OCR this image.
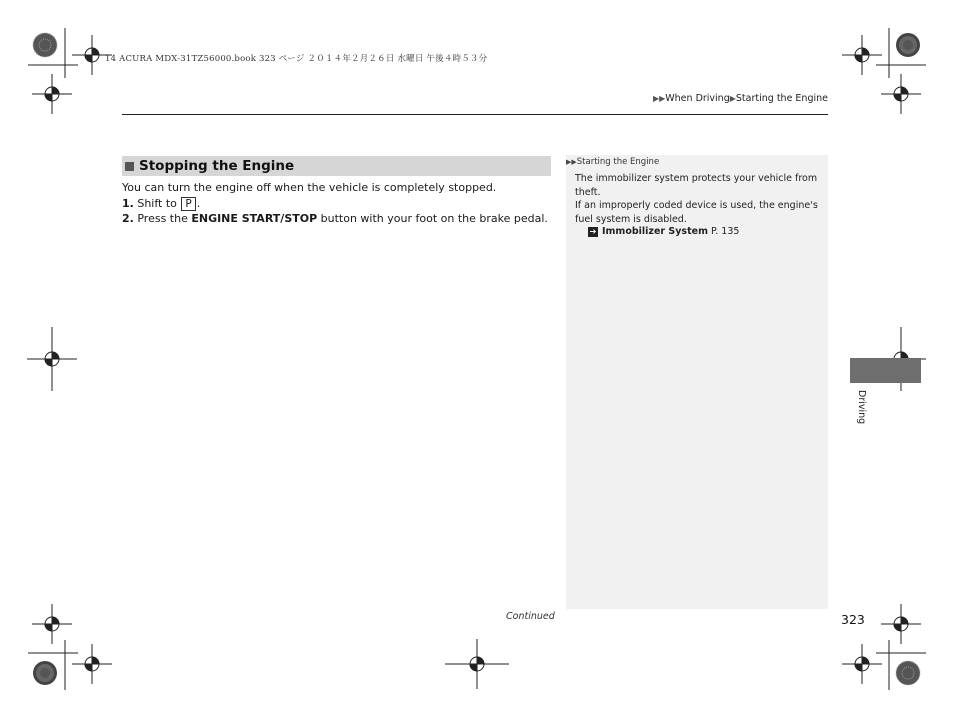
14 ACURA MDX-31TZ56000.book 323 ページ ２０１４年２月２６日 水曜日 午後４時５３分
▶▶When Driving▶Starting the Engine
Stopping the Engine

You can turn the engine off when the vehicle is completely stopped.

1. Shift to P .

2. Press the ENGINE START/STOP button with your foot on the brake pedal.

▶▶Starting the Engine

The immobilizer system protects your vehicle from theft.

If an improperly coded device is used, the engine's fuel system is disabled.

➔ Immobilizer System P. 135
Driving
Continued	323
